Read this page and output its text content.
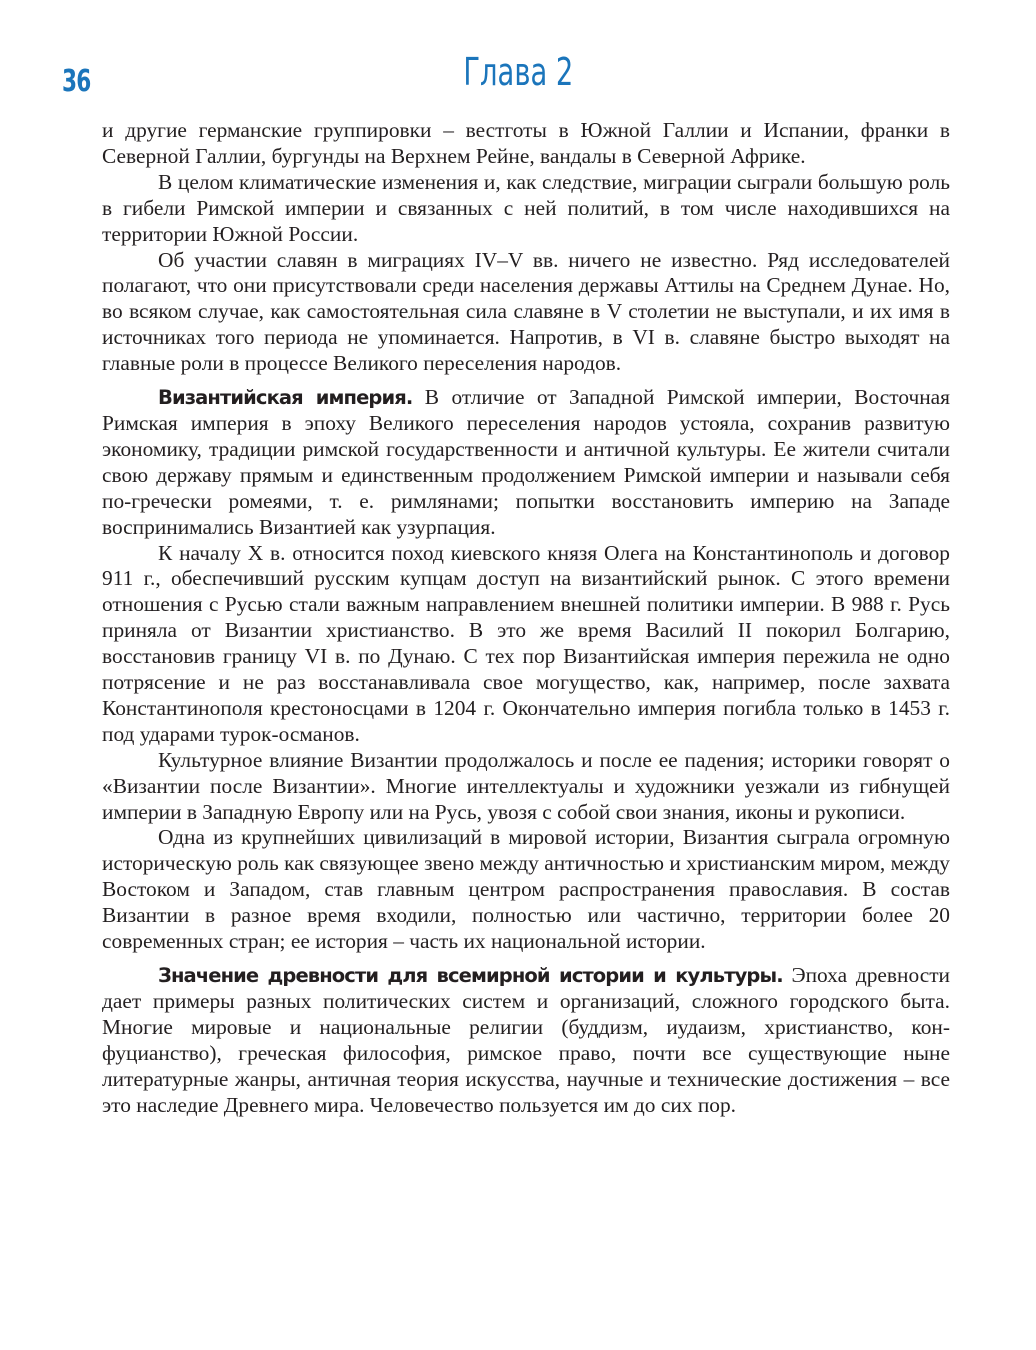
36	Глава 2

и другие германские группировки – вестготы в Южной Галлии и Испании, франки в Северной Галлии, бургунды на Верхнем Рейне, вандалы в Северной Африке.

В целом климатические изменения и, как следствие, миграции сыграли большую роль в гибели Римской империи и связанных с ней политий, в том числе находившихся на территории Южной России.

Об участии славян в миграциях IV–V вв. ничего не известно. Ряд исследователей полагают, что они присутствовали среди населения державы Аттилы на Среднем Дунае. Но, во всяком случае, как самостоятельная сила славяне в V столетии не выступали, и их имя в источниках того периода не упоминается. Напротив, в VI в. славяне быстро выходят на главные роли в процессе Великого переселения народов.

Византийская империя. В отличие от Западной Римской империи, Восточная Римская империя в эпоху Великого переселения народов устояла, сохранив развитую экономику, традиции римской государственности и античной культуры. Ее жители считали свою державу прямым и единственным продолжением Римской империи и называли себя по-гречески ромеями, т. е. римлянами; попытки восстановить империю на Западе воспринимались Византией как узурпация.

К началу X в. относится поход киевского князя Олега на Константинополь и договор 911 г., обеспечивший русским купцам доступ на византийский рынок. С этого времени отношения с Русью стали важным направлением внешней политики империи. В 988 г. Русь приняла от Византии христианство. В это же время Василий II покорил Болгарию, восстановив границу VI в. по Дунаю. С тех пор Византийская империя пережила не одно потрясение и не раз восстанавливала свое могущество, как, например, после захвата Константинополя крестоносцами в 1204 г. Окончательно империя погибла только в 1453 г. под ударами турок-османов.

Культурное влияние Византии продолжалось и после ее падения; историки говорят о «Византии после Византии». Многие интеллектуалы и художники уезжали из гибнущей империи в Западную Европу или на Русь, увозя с собой свои знания, иконы и рукописи.

Одна из крупнейших цивилизаций в мировой истории, Византия сыграла огромную историческую роль как связующее звено между античностью и христианским миром, между Востоком и Западом, став главным центром распространения православия. В состав Византии в разное время входили, полностью или частично, территории более 20 современных стран; ее история – часть их национальной истории.

Значение древности для всемирной истории и культуры. Эпоха древности дает примеры разных политических систем и организаций, сложного городского быта. Многие мировые и национальные религии (буддизм, иудаизм, христианство, конфуцианство), греческая философия, римское право, почти все существующие ныне литературные жанры, античная теория искусства, научные и технические достижения – все это наследие Древнего мира. Человечество пользуется им до сих пор.
